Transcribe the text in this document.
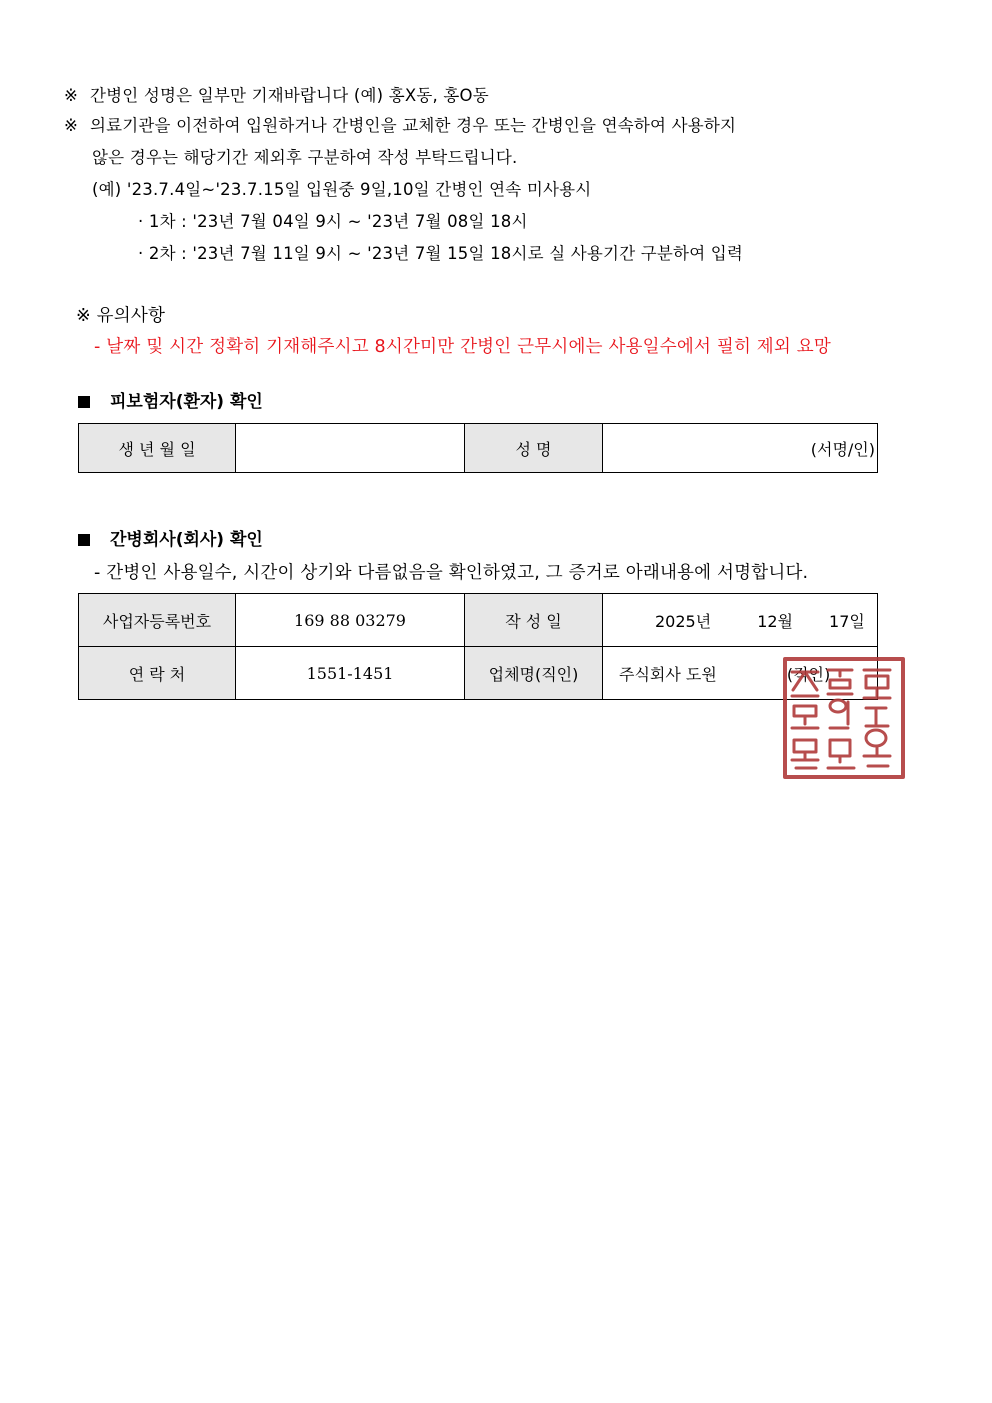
※ 간병인 성명은 일부만 기재바랍니다 (예) 홍X동, 홍O동
※ 의료기관을 이전하여 입원하거나 간병인을 교체한 경우 또는 간병인을 연속하여 사용하지
않은 경우는 해당기간 제외후 구분하여 작성 부탁드립니다.
(예) '23.7.4일~'23.7.15일 입원중 9일,10일 간병인 연속 미사용시
· 1차 : '23년 7월 04일 9시 ~ '23년 7월 08일 18시
· 2차 : '23년 7월 11일 9시 ~ '23년 7월 15일 18시로 실 사용기간 구분하여 입력
※ 유의사항
- 날짜 및 시간 정확히 기재해주시고 8시간미만 간병인 근무시에는 사용일수에서 필히 제외 요망
피보험자(환자) 확인
생 년 월 일		성 명	(서명/인)
간병회사(회사) 확인
- 간병인 사용일수, 시간이 상기와 다름없음을 확인하였고, 그 증거로 아래내용에 서명합니다.
사업자등록번호	169 88 03279	작 성 일	2025년 12월 17일
연 락 처	1551-1451	업체명(직인)	주식회사 도원 (직인)
